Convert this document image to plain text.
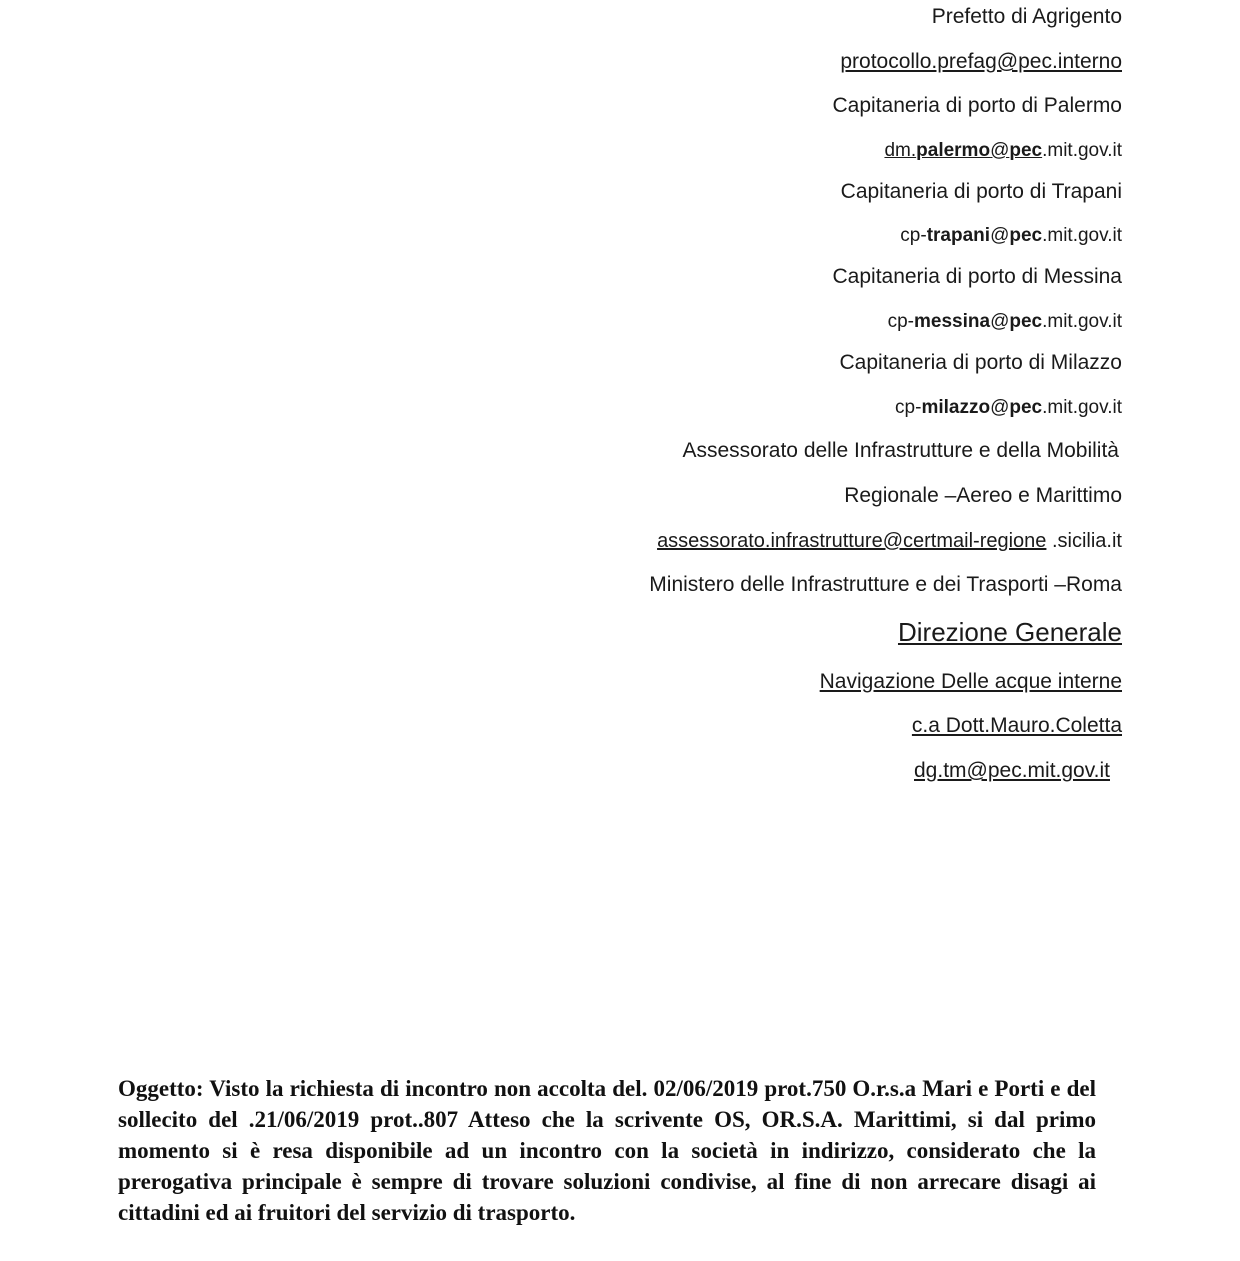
Prefetto di Agrigento
protocollo.prefag@pec.interno
Capitaneria di porto di Palermo
dm.palermo@pec.mit.gov.it
Capitaneria di porto di Trapani
cp-trapani@pec.mit.gov.it
Capitaneria di porto di Messina
cp-messina@pec.mit.gov.it
Capitaneria di porto di Milazzo
cp-milazzo@pec.mit.gov.it
Assessorato delle Infrastrutture e della Mobilità
Regionale –Aereo e Marittimo
assessorato.infrastrutture@certmail-regione .sicilia.it
Ministero delle Infrastrutture e dei Trasporti –Roma
Direzione Generale
Navigazione Delle acque interne
c.a Dott.Mauro.Coletta
dg.tm@pec.mit.gov.it
Oggetto: Visto la richiesta di incontro non accolta del. 02/06/2019 prot.750 O.r.s.a Mari e Porti e del sollecito del .21/06/2019 prot..807 Atteso che la scrivente OS, OR.S.A. Marittimi, si dal primo momento si è resa disponibile ad un incontro con la società in indirizzo, considerato che la prerogativa principale è sempre di trovare soluzioni condivise, al fine di non arrecare disagi ai cittadini ed ai fruitori del servizio di trasporto.
